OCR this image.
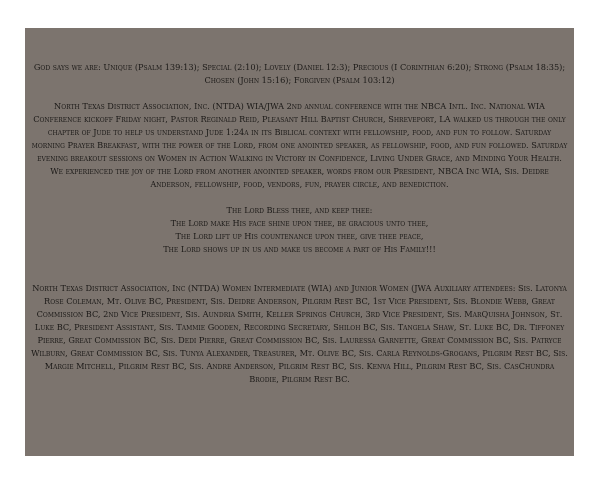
God says we are: Unique (Psalm 139:13); Special (2:10); Lovely (Daniel 12:3); Precious (I Corinthian 6:20); Strong (Psalm 18:35); Chosen (John 15:16); Forgiven (Psalm 103:12)

North Texas District Association, Inc. (NTDA) WIA/JWA 2nd annual conference with the NBCA Intl. Inc. National WIA Conference kickoff Friday night, Pastor Reginald Reid, Pleasant Hill Baptist Church, Shreveport, LA walked us through the only chapter of Jude to help us understand Jude 1:24a in its Biblical context with fellowship, food, and fun to follow. Saturday morning Prayer Breakfast, with the power of the Lord, from one anointed speaker, as fellowship, food, and fun followed. Saturday evening breakout sessions on Women in Action Walking in Victory in Confidence, Living Under Grace, and Minding Your Health. We experienced the joy of the Lord from another anointed speaker, words from our President, NBCA Inc WIA, Sis. Deidre Anderson, fellowship, food, vendors, fun, prayer circle, and benediction.

The Lord Bless thee, and keep thee:
The Lord make His face shine upon thee, be gracious unto thee,
The Lord lift up His countenance upon thee, give thee peace,
The Lord shows up in us and make us become a part of His Family!!!

North Texas District Association, Inc (NTDA) Women Intermediate (WIA) and Junior Women (JWA Auxiliary attendees: Sis. Latonya Rose Coleman, Mt. Olive BC, President, Sis. Deidre Anderson, Pilgrim Rest BC, 1st Vice President, Sis. Blondie Webb, Great Commission BC, 2nd Vice President, Sis. Aundria Smith, Keller Springs Church, 3rd Vice President, Sis. MarQuisha Johnson, St. Luke BC, President Assistant, Sis. Tammie Gooden, Recording Secretary, Shiloh BC, Sis. Tangela Shaw, St. Luke BC, Dr. Tiffoney Pierre, Great Commission BC, Sis. Dedi Pierre, Great Commission BC, Sis. Lauressa Garnette, Great Commission BC, Sis. Patryce Wilburn, Great Commission BC, Sis. Tunya Alexander, Treasurer, Mt. Olive BC, Sis. Carla Reynolds-Grogans, Pilgrim Rest BC, Sis. Margie Mitchell, Pilgrim Rest BC, Sis. Andre Anderson, Pilgrim Rest BC, Sis. Kenva Hill, Pilgrim Rest BC, Sis. CasChundra Brodie, Pilgrim Rest BC.
